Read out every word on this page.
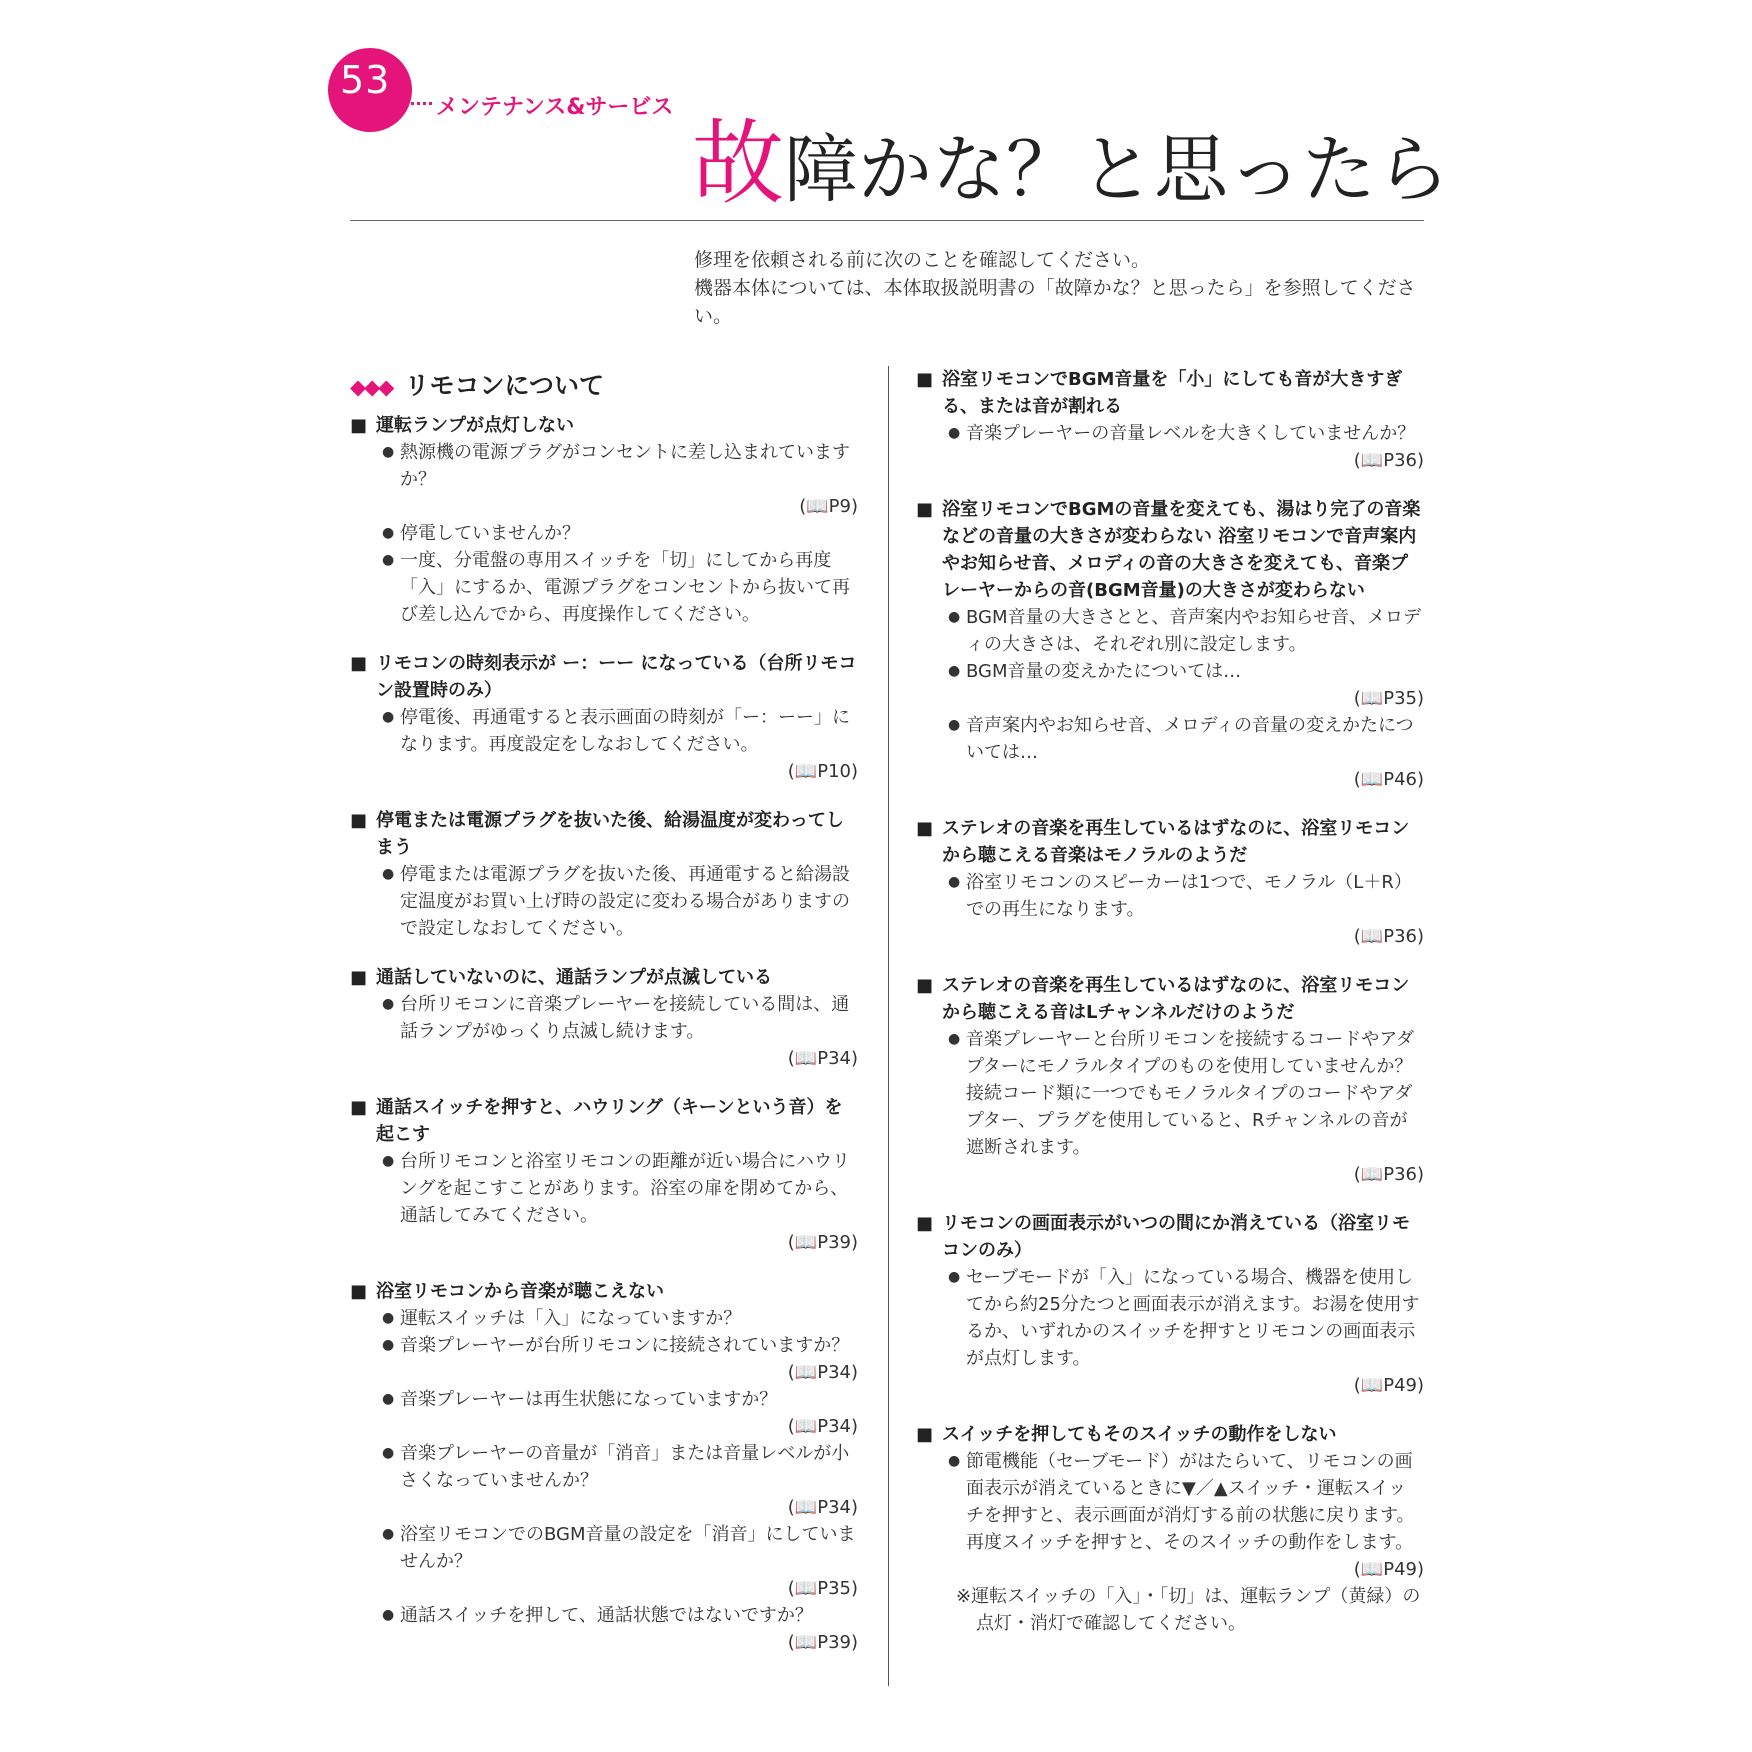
53
メンテナンス&サービス
故障かな？と思ったら
修理を依頼される前に次のことを確認してください。
機器本体については、本体取扱説明書の「故障かな？と思ったら」を参照してください。
◆◆◆ リモコンについて
■ 運転ランプが点灯しない
● 熱源機の電源プラグがコンセントに差し込まれていますか？
(📖P9)
● 停電していませんか？
● 一度、分電盤の専用スイッチを「切」にしてから再度「入」にするか、電源プラグをコンセントから抜いて再び差し込んでから、再度操作してください。
■ リモコンの時刻表示が ー：ーー になっている（台所リモコン設置時のみ）
● 停電後、再通電すると表示画面の時刻が「ー：ーー」になります。再度設定をしなおしてください。
(📖P10)
■ 停電または電源プラグを抜いた後、給湯温度が変わってしまう
● 停電または電源プラグを抜いた後、再通電すると給湯設定温度がお買い上げ時の設定に変わる場合がありますので設定しなおしてください。
■ 通話していないのに、通話ランプが点滅している
● 台所リモコンに音楽プレーヤーを接続している間は、通話ランプがゆっくり点滅し続けます。
(📖P34)
■ 通話スイッチを押すと、ハウリング（キーンという音）を起こす
● 台所リモコンと浴室リモコンの距離が近い場合にハウリングを起こすことがあります。浴室の扉を閉めてから、通話してみてください。
(📖P39)
■ 浴室リモコンから音楽が聴こえない
● 運転スイッチは「入」になっていますか？
● 音楽プレーヤーが台所リモコンに接続されていますか？
(📖P34)
● 音楽プレーヤーは再生状態になっていますか？
(📖P34)
● 音楽プレーヤーの音量が「消音」または音量レベルが小さくなっていませんか？
(📖P34)
● 浴室リモコンでのBGM音量の設定を「消音」にしていませんか？
(📖P35)
● 通話スイッチを押して、通話状態ではないですか？
(📖P39)
■ 浴室リモコンでBGM音量を「小」にしても音が大きすぎる、または音が割れる
● 音楽プレーヤーの音量レベルを大きくしていませんか？
(📖P36)
■ 浴室リモコンでBGMの音量を変えても、湯はり完了の音楽などの音量の大きさが変わらない 浴室リモコンで音声案内やお知らせ音、メロディの音の大きさを変えても、音楽プレーヤーからの音(BGM音量)の大きさが変わらない
● BGM音量の大きさとと、音声案内やお知らせ音、メロディの大きさは、それぞれ別に設定します。
● BGM音量の変えかたについては…
(📖P35)
● 音声案内やお知らせ音、メロディの音量の変えかたについては…
(📖P46)
■ ステレオの音楽を再生しているはずなのに、浴室リモコンから聴こえる音楽はモノラルのようだ
● 浴室リモコンのスピーカーは1つで、モノラル（L＋R）での再生になります。
(📖P36)
■ ステレオの音楽を再生しているはずなのに、浴室リモコンから聴こえる音はLチャンネルだけのようだ
● 音楽プレーヤーと台所リモコンを接続するコードやアダプターにモノラルタイプのものを使用していませんか？接続コード類に一つでもモノラルタイプのコードやアダプター、プラグを使用していると、Rチャンネルの音が遮断されます。
(📖P36)
■ リモコンの画面表示がいつの間にか消えている（浴室リモコンのみ）
● セーブモードが「入」になっている場合、機器を使用してから約25分たつと画面表示が消えます。お湯を使用するか、いずれかのスイッチを押すとリモコンの画面表示が点灯します。
(📖P49)
■ スイッチを押してもそのスイッチの動作をしない
● 節電機能（セーブモード）がはたらいて、リモコンの画面表示が消えているときに▼／▲スイッチ・運転スイッチを押すと、表示画面が消灯する前の状態に戻ります。再度スイッチを押すと、そのスイッチの動作をします。
(📖P49)
※運転スイッチの「入」・「切」は、運転ランプ（黄緑）の点灯・消灯で確認してください。
